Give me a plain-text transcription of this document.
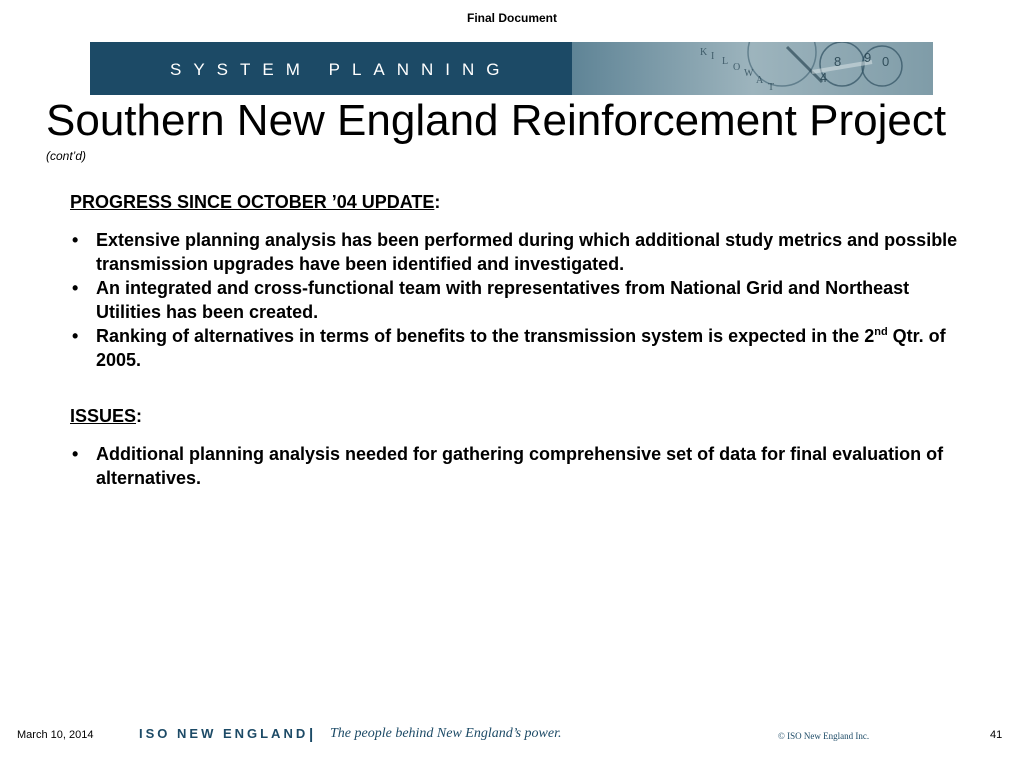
Final Document
SYSTEM PLANNING
K I L
O
W
A
T
8 9 0
4
Southern New England Reinforcement Project
(cont’d)
PROGRESS SINCE OCTOBER ’04 UPDATE:
• Extensive planning analysis has been performed during which additional study metrics and possible transmission upgrades have been identified and investigated.
• An integrated and cross-functional team with representatives from National Grid and Northeast Utilities has been created.
• Ranking of alternatives in terms of benefits to the transmission system is expected in the 2nd Qtr. of 2005.
ISSUES:
• Additional planning analysis needed for gathering comprehensive set of data for final evaluation of alternatives.
March 10, 2014	ISO NEW ENGLAND | The people behind New England’s power.	© ISO New England Inc.	41
